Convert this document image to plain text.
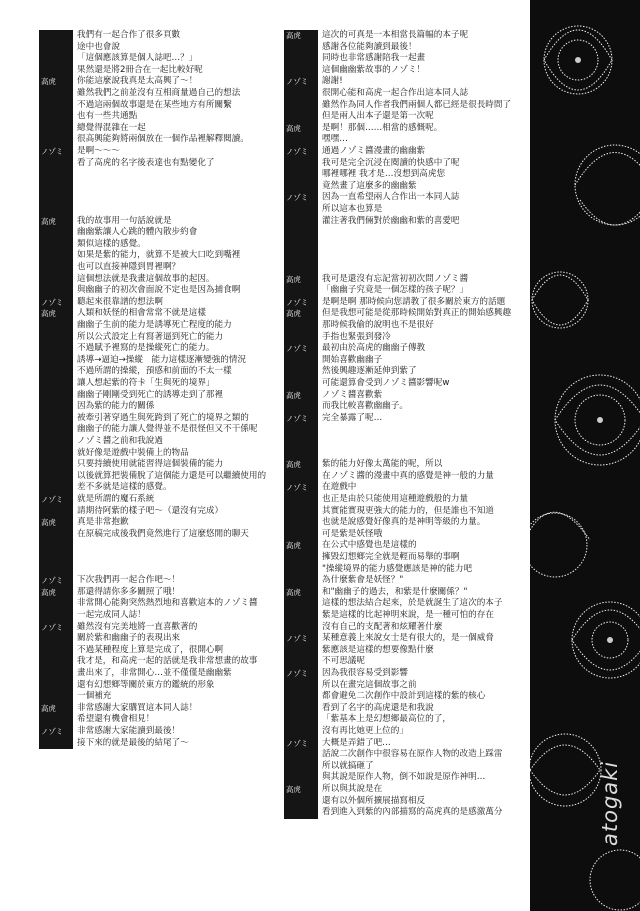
我們有一起合作了很多頁數
途中也會說
「這個應該算是個人誌吧…？」
果然還是將2冊合在一起比較好呢
高虎	你能這麼說我真是太高興了～！
雖然我們之前並沒有互相商量過自己的想法
不過這兩個故事還是在某些地方有所關繫
也有一些共通點
總覺得混雜在一起
很高興能夠將兩個放在一個作品裡解釋閱讀。
ノゾミ	是啊～～～
看了高虎的名字後表達也有點變化了
高虎	我的故事用一句話說就是
幽幽紫讓人心跳的體內散步約會
類似這樣的感覺。
如果是紫的能力，就算不是被大口吃到嘴裡
也可以直接神隱到胃裡啊？
這個想法就是我畫這個故事的起因。
與幽幽子的初次會面說不定也是因為捕食啊
ノゾミ	聽起來很靠譜的想法啊
高虎	人類和妖怪的相會常常不就是這樣
幽幽子生前的能力是誘導死亡程度的能力
所以公式設定上有寫著逼到死亡的能力
不過賦予裡寫的是操縱死亡的能力。
誘導→逼迫→操縱　能力這樣逐漸變強的情況
不過所謂的操縱，預感和前面的不太一樣
讓人想起紫的符卡「生與死的境界」
幽幽子剛剛受到死亡的誘導走到了那裡
因為紫的能力的關係
被牽引著穿過生與死跨到了死亡的境界之類的
幽幽子的能力讓人覺得並不是很怪但又不干係呢
ノゾミ醬之前和我說過
就好像是遊戲中裝備上的物品
只要持續使用就能習得這個裝備的能力
以後就算把裝備脫了這個能力還是可以繼續使用的
差不多就是這樣的感覺。
ノゾミ	就是所謂的魔石系統
請期待阿紫的樣子吧～（還沒有完成）
高虎	真是非常抱歉
在原稿完成後我們竟然進行了這麼悠閒的聊天
ノゾミ	下次我們再一起合作吧～！
高虎	那還得請你多多關照了哦！
非常開心能夠突然熱烈地和喜歡這本的ノゾミ醬
一起完成同人誌！
ノゾミ	雖然沒有完美地將一直喜歡著的
關於紫和幽幽子的表現出來
不過某種程度上算是完成了，很開心啊
我才是，和高虎一起的話就是我非常想畫的故事
畫出來了，非常開心…並不僅僅是幽幽紫
還有幻想鄉等關於東方的鑑統的形象
一個補充
高虎	非常感謝大家購買這本同人誌！
希望還有機會相見！
ノゾミ	非常感謝大家能讀到最後！
接下來的就是最後的結尾了～
高虎	這次的可真是一本相當長篇幅的本子呢
感謝各位能夠讀到最後！
同時也非常感謝陪我一起畫
這個幽幽紫故事的ノゾミ！
ノゾミ	謝謝!
很開心能和高虎一起合作出這本同人誌
雖然作為同人作者我們兩個人都已經是很長時間了
但是兩人出本子還是第一次呢
高虎	是啊！那個……相當的感慨呢。
嘿嘿…
ノゾミ	通過ノゾミ醬漫畫的幽幽紫
我可是完全沉浸在閱讀的快感中了呢
哪裡哪裡 我才是…沒想到高虎您
竟然畫了這麼多的幽幽紫
ノゾミ	因為一直希望兩人合作出一本同人誌
所以這本也算是
灌注著我們倆對於幽幽和紫的喜愛吧
高虎	我可是還沒有忘記當初初次問ノゾミ醬
「幽幽子究竟是一個怎樣的孩子呢？」
ノゾミ	是啊是啊 那時候向您請教了很多關於東方的話題
高虎	但是我想可能是從那時候開始對真正的開始感興趣
那時候我偷的說明也不是很好
手指也緊張到發冷
ノゾミ	最初由於高虎的幽幽子傳教
開始喜歡幽幽子
然後興趣逐漸延伸到紫了
可能還算會受到ノゾミ醬影響呢w
高虎	ノゾミ醬喜歡紫
而我比較喜歡幽幽子。
ノゾミ	完全暴露了呢…
高虎	紫的能力好像太萬能的呢，所以
在ノゾミ醬的漫畫中真的感覺是神一般的力量
ノゾミ	在遊戲中
也正是由於只能使用這種遊戲般的力量
其實能實現更強大的能力的，但是誰也不知道
也就是說感覺好像真的是神明等級的力量。
可是紫是妖怪哦
高虎	在公式中感覺也是這樣的
擁毀幻想鄉完全就是輕而易舉的事啊
"操縱境界的能力感覺應該是神的能力吧
為什麼紫會是妖怪？"
高虎	和"幽幽子的過去，和紫是什麼關係？"
這樣的想法結合起來，於是就誕生了這次的本子
紫是這樣的比起神明來說，是一種可怕的存在
沒有自己的支配著和炫耀著什麼
ノゾミ	某種意義上來說女士是有很大的，是一個威脅
紫應該是這樣的想要像點什麼
不可思議呢
ノゾミ	因為我很容易受到影響
所以在畫完這個故事之前
都會避免二次創作中設計到這樣的紫的核心
看到了名字的高虎還是和我說
「紫基本上是幻想鄉最高位的了，
沒有再比她更上位的」
ノゾミ	大概是弄錯了吧…
話說二次創作中很容易在原作人物的改造上踩雷
所以就搞砸了
與其說是原作人物，倒不如說是原作神明…
高虎	所以與其說是在
還有以外個所擴展描寫相反
看到進入到紫的內部描寫的高虎真的是感激萬分	atogaki
